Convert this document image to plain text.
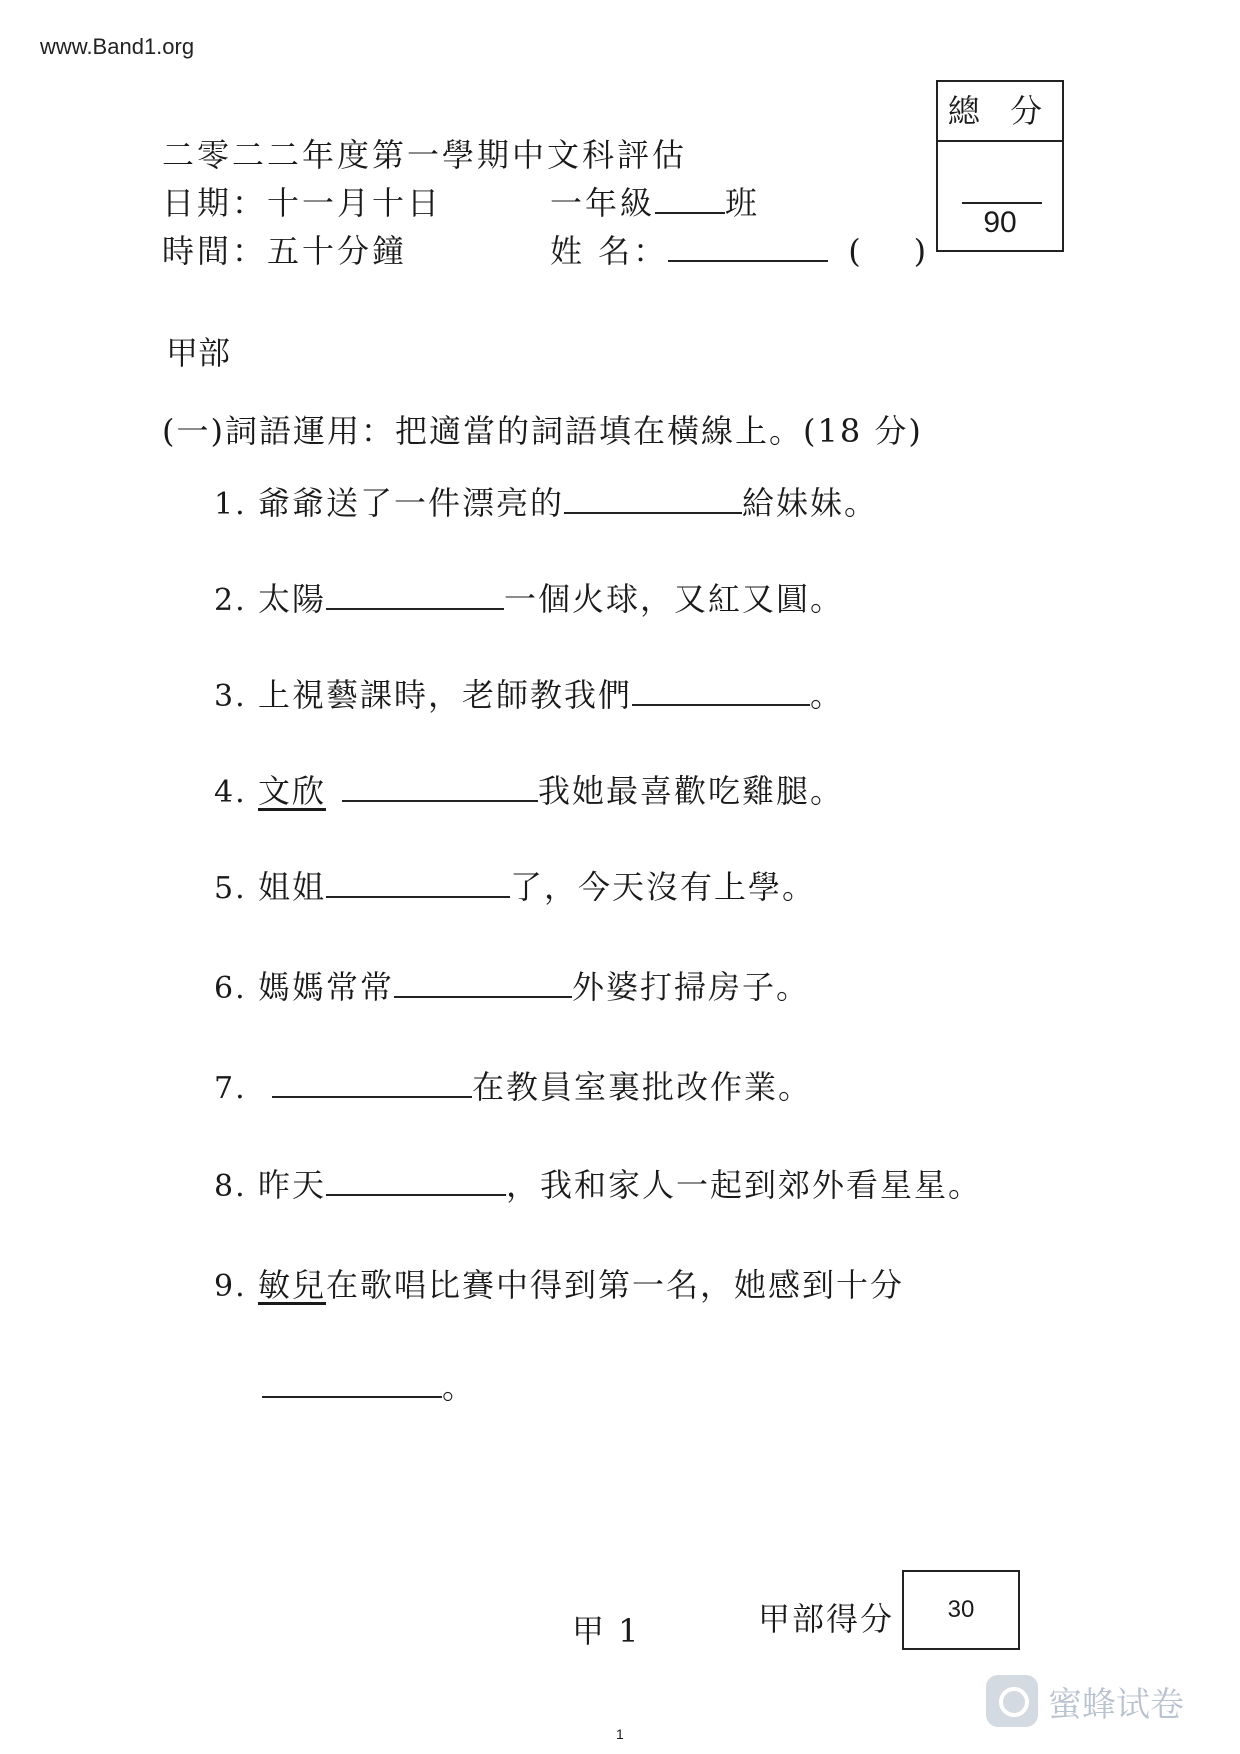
www.Band1.org
二零二二年度第一學期中文科評估
日期：十一月十日	一年級 班
時間：五十分鐘	姓 名：	( )
總 分
90
甲部
(一)詞語運用：把適當的詞語填在橫線上。(18 分)
1. 爺爺送了一件漂亮的	給妹妹。
2. 太陽	一個火球，又紅又圓。
3. 上視藝課時，老師教我們	。
4. 文欣	我她最喜歡吃雞腿。
5. 姐姐	了，今天沒有上學。
6. 媽媽常常	外婆打掃房子。
7.	在教員室裏批改作業。
8. 昨天	，我和家人一起到郊外看星星。
9. 敏兒在歌唱比賽中得到第一名，她感到十分
。
甲 1	甲部得分	30
蜜蜂试卷
1
